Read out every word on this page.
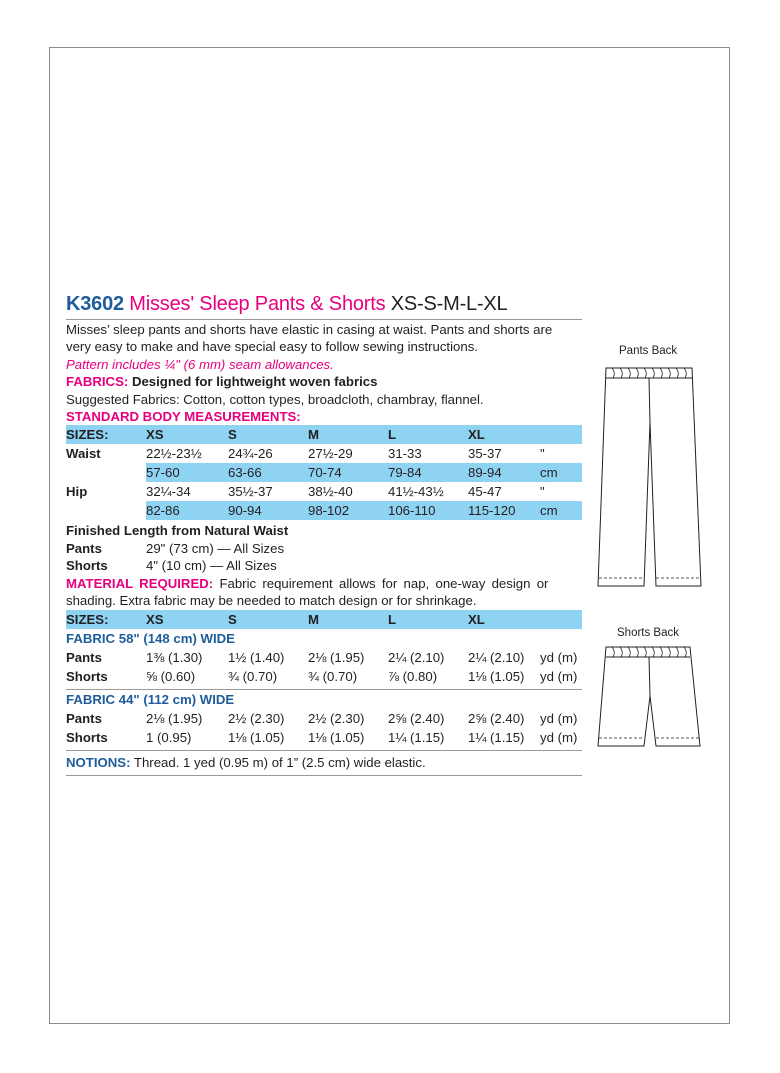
K3602 Misses' Sleep Pants & Shorts XS-S-M-L-XL
Misses’ sleep pants and shorts have elastic in casing at waist. Pants and shorts are
very easy to make and have special easy to follow sewing instructions.
Pattern includes ¼" (6 mm) seam allowances.
FABRICS: Designed for lightweight woven fabrics
Suggested Fabrics: Cotton, cotton types, broadcloth, chambray, flannel.
STANDARD BODY MEASUREMENTS:
SIZES:	XS	S	M	L	XL	
Waist	22½-23½	24¾-26	27½-29	31-33	35-37	"
	57-60	63-66	70-74	79-84	89-94	cm
Hip	32¼-34	35½-37	38½-40	41½-43½	45-47	"
	82-86	90-94	98-102	106-110	115-120	cm
Finished Length from Natural Waist
Pants	29" (73 cm) — All Sizes
Shorts	4" (10 cm) — All Sizes
MATERIAL REQUIRED: Fabric requirement allows for nap, one-way design or
shading. Extra fabric may be needed to match design or for shrinkage.
SIZES:	XS	S	M	L	XL	
FABRIC 58" (148 cm) WIDE						
Pants	1⅜ (1.30)	1½ (1.40)	2⅛ (1.95)	2¼ (2.10)	2¼ (2.10)	yd (m)
Shorts	⅝ (0.60)	¾ (0.70)	¾ (0.70)	⅞ (0.80)	1⅛ (1.05)	yd (m)
FABRIC 44" (112 cm) WIDE						
Pants	2⅛ (1.95)	2½ (2.30)	2½ (2.30)	2⅝ (2.40)	2⅝ (2.40)	yd (m)
Shorts	1 (0.95)	1⅛ (1.05)	1⅛ (1.05)	1¼ (1.15)	1¼ (1.15)	yd (m)
NOTIONS: Thread. 1 yed (0.95 m) of 1” (2.5 cm) wide elastic.
Pants Back
Shorts Back
